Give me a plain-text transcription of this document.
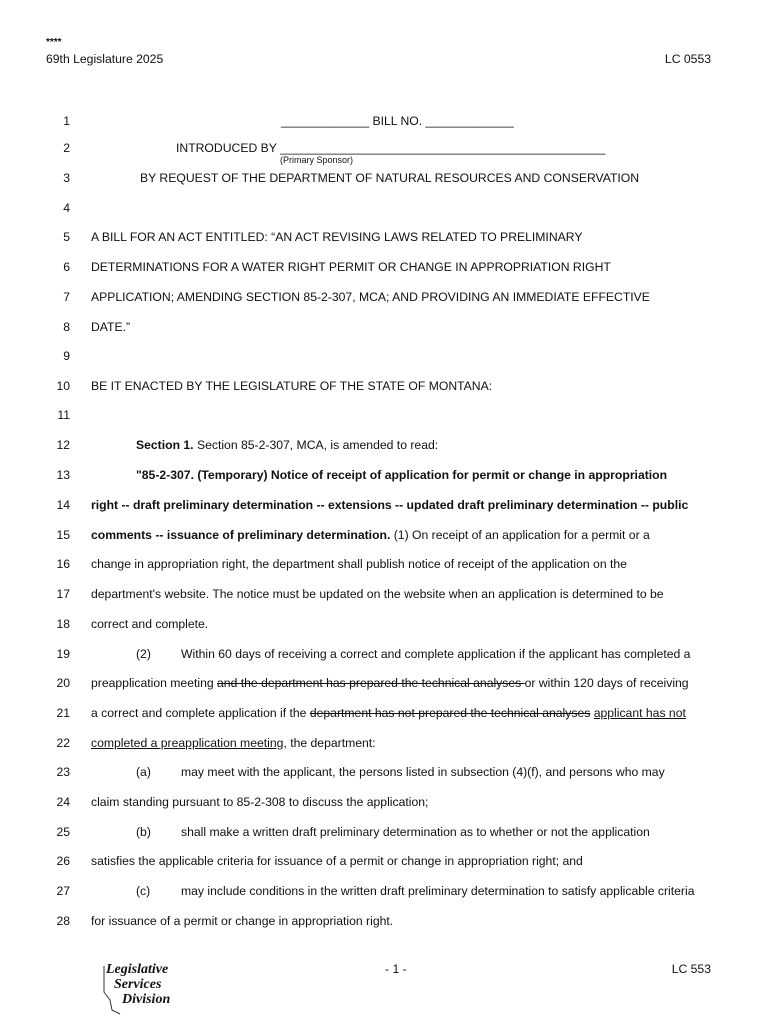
****
69th Legislature 2025	LC 0553
1
2
3
4
5
6
7
8
9
10
11
12
13
14
15
16
17
18
19
20
21
22
23
24
25
26
27
28
_____________ BILL NO. _____________
INTRODUCED BY ________________________________________________
(Primary Sponsor)
BY REQUEST OF THE DEPARTMENT OF NATURAL RESOURCES AND CONSERVATION
A BILL FOR AN ACT ENTITLED: “AN ACT REVISING LAWS RELATED TO PRELIMINARY
DETERMINATIONS FOR A WATER RIGHT PERMIT OR CHANGE IN APPROPRIATION RIGHT
APPLICATION; AMENDING SECTION 85-2-307, MCA; AND PROVIDING AN IMMEDIATE EFFECTIVE
DATE.”
BE IT ENACTED BY THE LEGISLATURE OF THE STATE OF MONTANA:
Section 1. Section 85-2-307, MCA, is amended to read:
"85-2-307. (Temporary) Notice of receipt of application for permit or change in appropriation
right -- draft preliminary determination -- extensions -- updated draft preliminary determination -- public
comments -- issuance of preliminary determination. (1) On receipt of an application for a permit or a
change in appropriation right, the department shall publish notice of receipt of the application on the
department's website. The notice must be updated on the website when an application is determined to be
correct and complete.
(2) Within 60 days of receiving a correct and complete application if the applicant has completed a
preapplication meeting and the department has prepared the technical analyses or within 120 days of receiving
a correct and complete application if the department has not prepared the technical analyses applicant has not
completed a preapplication meeting, the department:
(a) may meet with the applicant, the persons listed in subsection (4)(f), and persons who may
claim standing pursuant to 85-2-308 to discuss the application;
(b) shall make a written draft preliminary determination as to whether or not the application
satisfies the applicable criteria for issuance of a permit or change in appropriation right; and
(c)	may include conditions in the written draft preliminary determination to satisfy applicable criteria
for issuance of a permit or change in appropriation right.
Legislative
Services
Division
- 1 -	LC 553
